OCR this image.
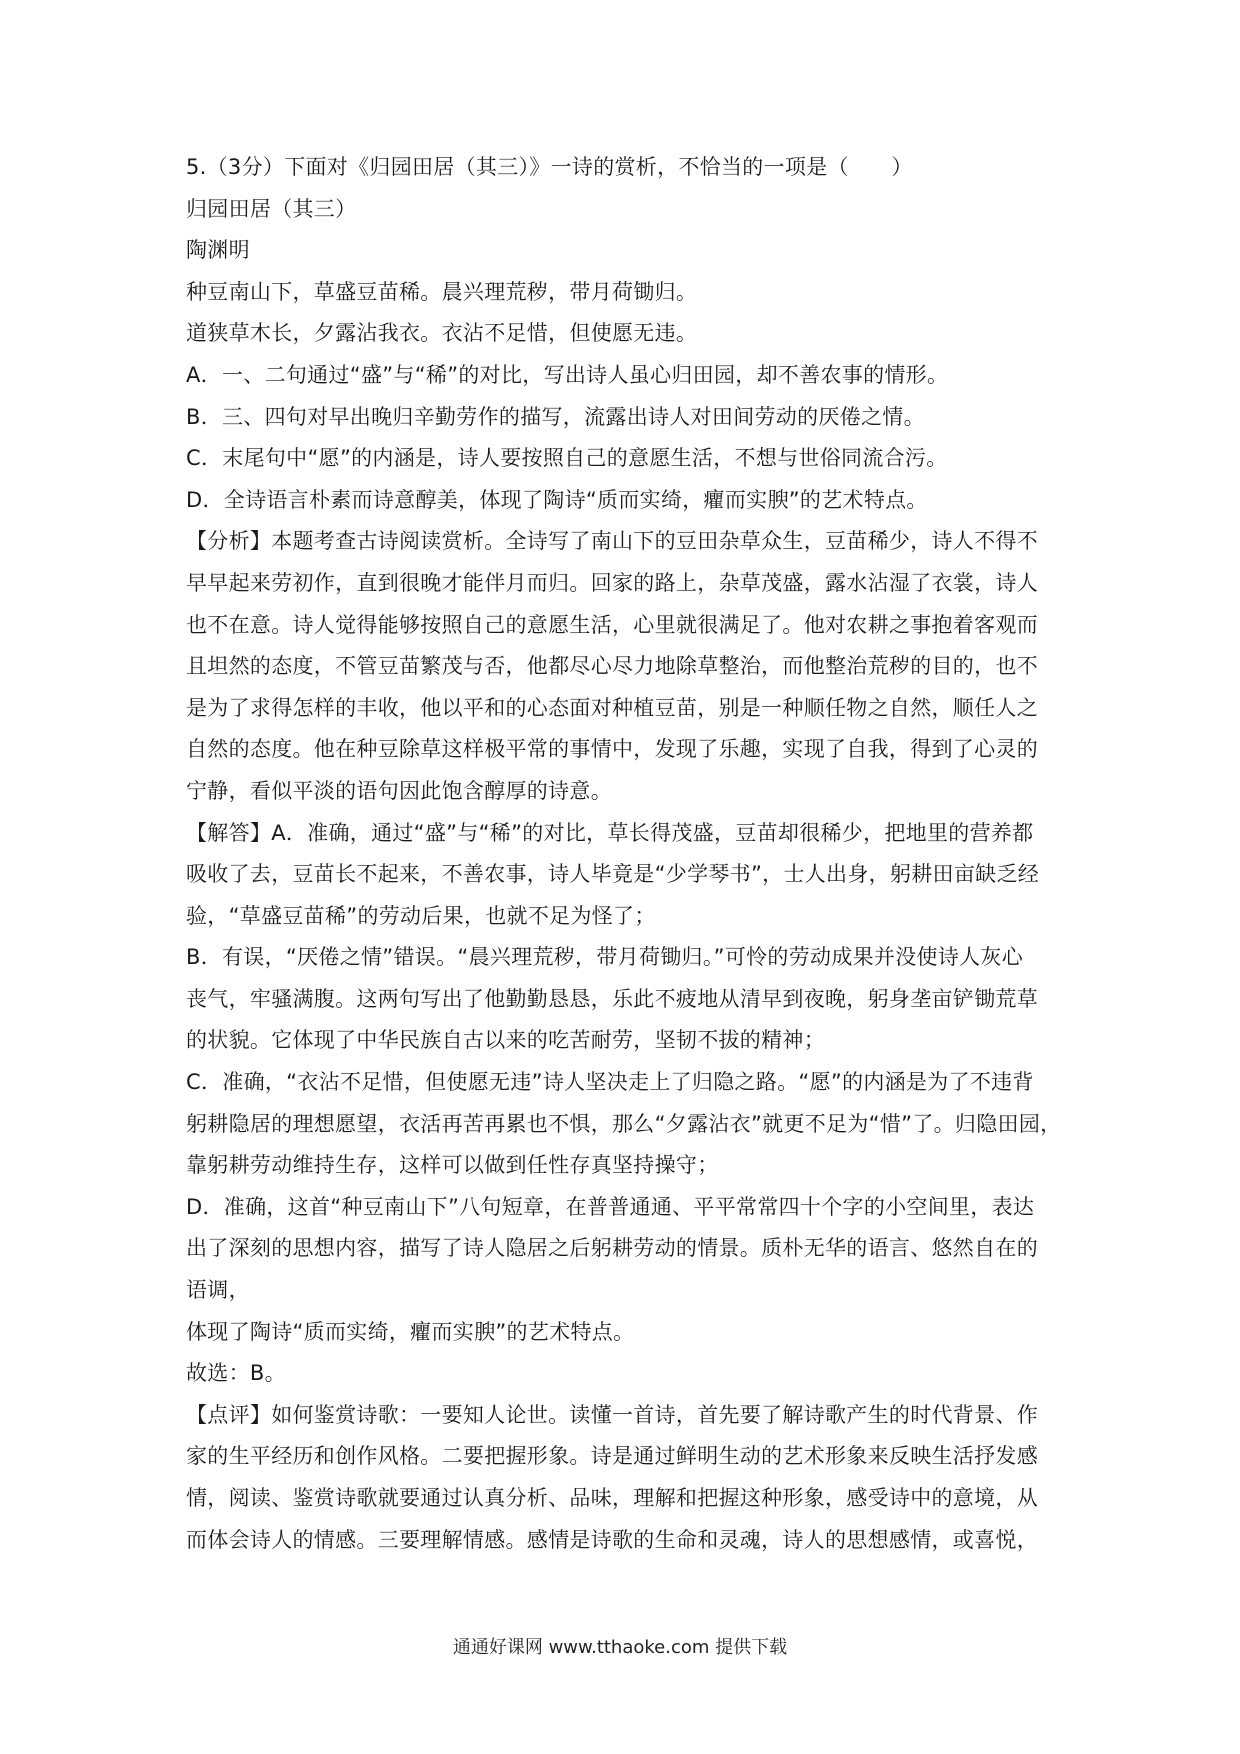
5.（3分）下面对《归园田居（其三）》一诗的赏析，不恰当的一项是（　　）
归园田居（其三）
陶渊明
种豆南山下，草盛豆苗稀。晨兴理荒秽，带月荷锄归。
道狭草木长，夕露沾我衣。衣沾不足惜，但使愿无违。
A．一、二句通过“盛”与“稀”的对比，写出诗人虽心归田园，却不善农事的情形。
B．三、四句对早出晚归辛勤劳作的描写，流露出诗人对田间劳动的厌倦之情。
C．末尾句中“愿”的内涵是，诗人要按照自己的意愿生活，不想与世俗同流合污。
D．全诗语言朴素而诗意醇美，体现了陶诗“质而实绮，癯而实腴”的艺术特点。
【分析】本题考查古诗阅读赏析。全诗写了南山下的豆田杂草众生，豆苗稀少，诗人不得不
早早起来劳初作，直到很晚才能伴月而归。回家的路上，杂草茂盛，露水沾湿了衣裳，诗人
也不在意。诗人觉得能够按照自己的意愿生活，心里就很满足了。他对农耕之事抱着客观而
且坦然的态度，不管豆苗繁茂与否，他都尽心尽力地除草整治，而他整治荒秽的目的，也不
是为了求得怎样的丰收，他以平和的心态面对种植豆苗，别是一种顺任物之自然，顺任人之
自然的态度。他在种豆除草这样极平常的事情中，发现了乐趣，实现了自我，得到了心灵的
宁静，看似平淡的语句因此饱含醇厚的诗意。
【解答】A．准确，通过“盛”与“稀”的对比，草长得茂盛，豆苗却很稀少，把地里的营养都
吸收了去，豆苗长不起来，不善农事，诗人毕竟是“少学琴书”，士人出身，躬耕田亩缺乏经
验，“草盛豆苗稀”的劳动后果，也就不足为怪了；
B．有误，“厌倦之情”错误。“晨兴理荒秽，带月荷锄归。”可怜的劳动成果并没使诗人灰心
丧气，牢骚满腹。这两句写出了他勤勤恳恳，乐此不疲地从清早到夜晚，躬身垄亩铲锄荒草
的状貌。它体现了中华民族自古以来的吃苦耐劳，坚韧不拔的精神；
C．准确，“衣沾不足惜，但使愿无违”诗人坚决走上了归隐之路。“愿”的内涵是为了不违背
躬耕隐居的理想愿望，衣活再苦再累也不惧，那么“夕露沾衣”就更不足为“惜”了。归隐田园，
靠躬耕劳动维持生存，这样可以做到任性存真坚持操守；
D．准确，这首“种豆南山下”八句短章，在普普通通、平平常常四十个字的小空间里，表达
出了深刻的思想内容，描写了诗人隐居之后躬耕劳动的情景。质朴无华的语言、悠然自在的
语调，
体现了陶诗“质而实绮，癯而实腴”的艺术特点。
故选：B。
【点评】如何鉴赏诗歌：一要知人论世。读懂一首诗，首先要了解诗歌产生的时代背景、作
家的生平经历和创作风格。二要把握形象。诗是通过鲜明生动的艺术形象来反映生活抒发感
情，阅读、鉴赏诗歌就要通过认真分析、品味，理解和把握这种形象，感受诗中的意境，从
而体会诗人的情感。三要理解情感。感情是诗歌的生命和灵魂，诗人的思想感情，或喜悦，
通通好课网 www.tthaoke.com 提供下载
